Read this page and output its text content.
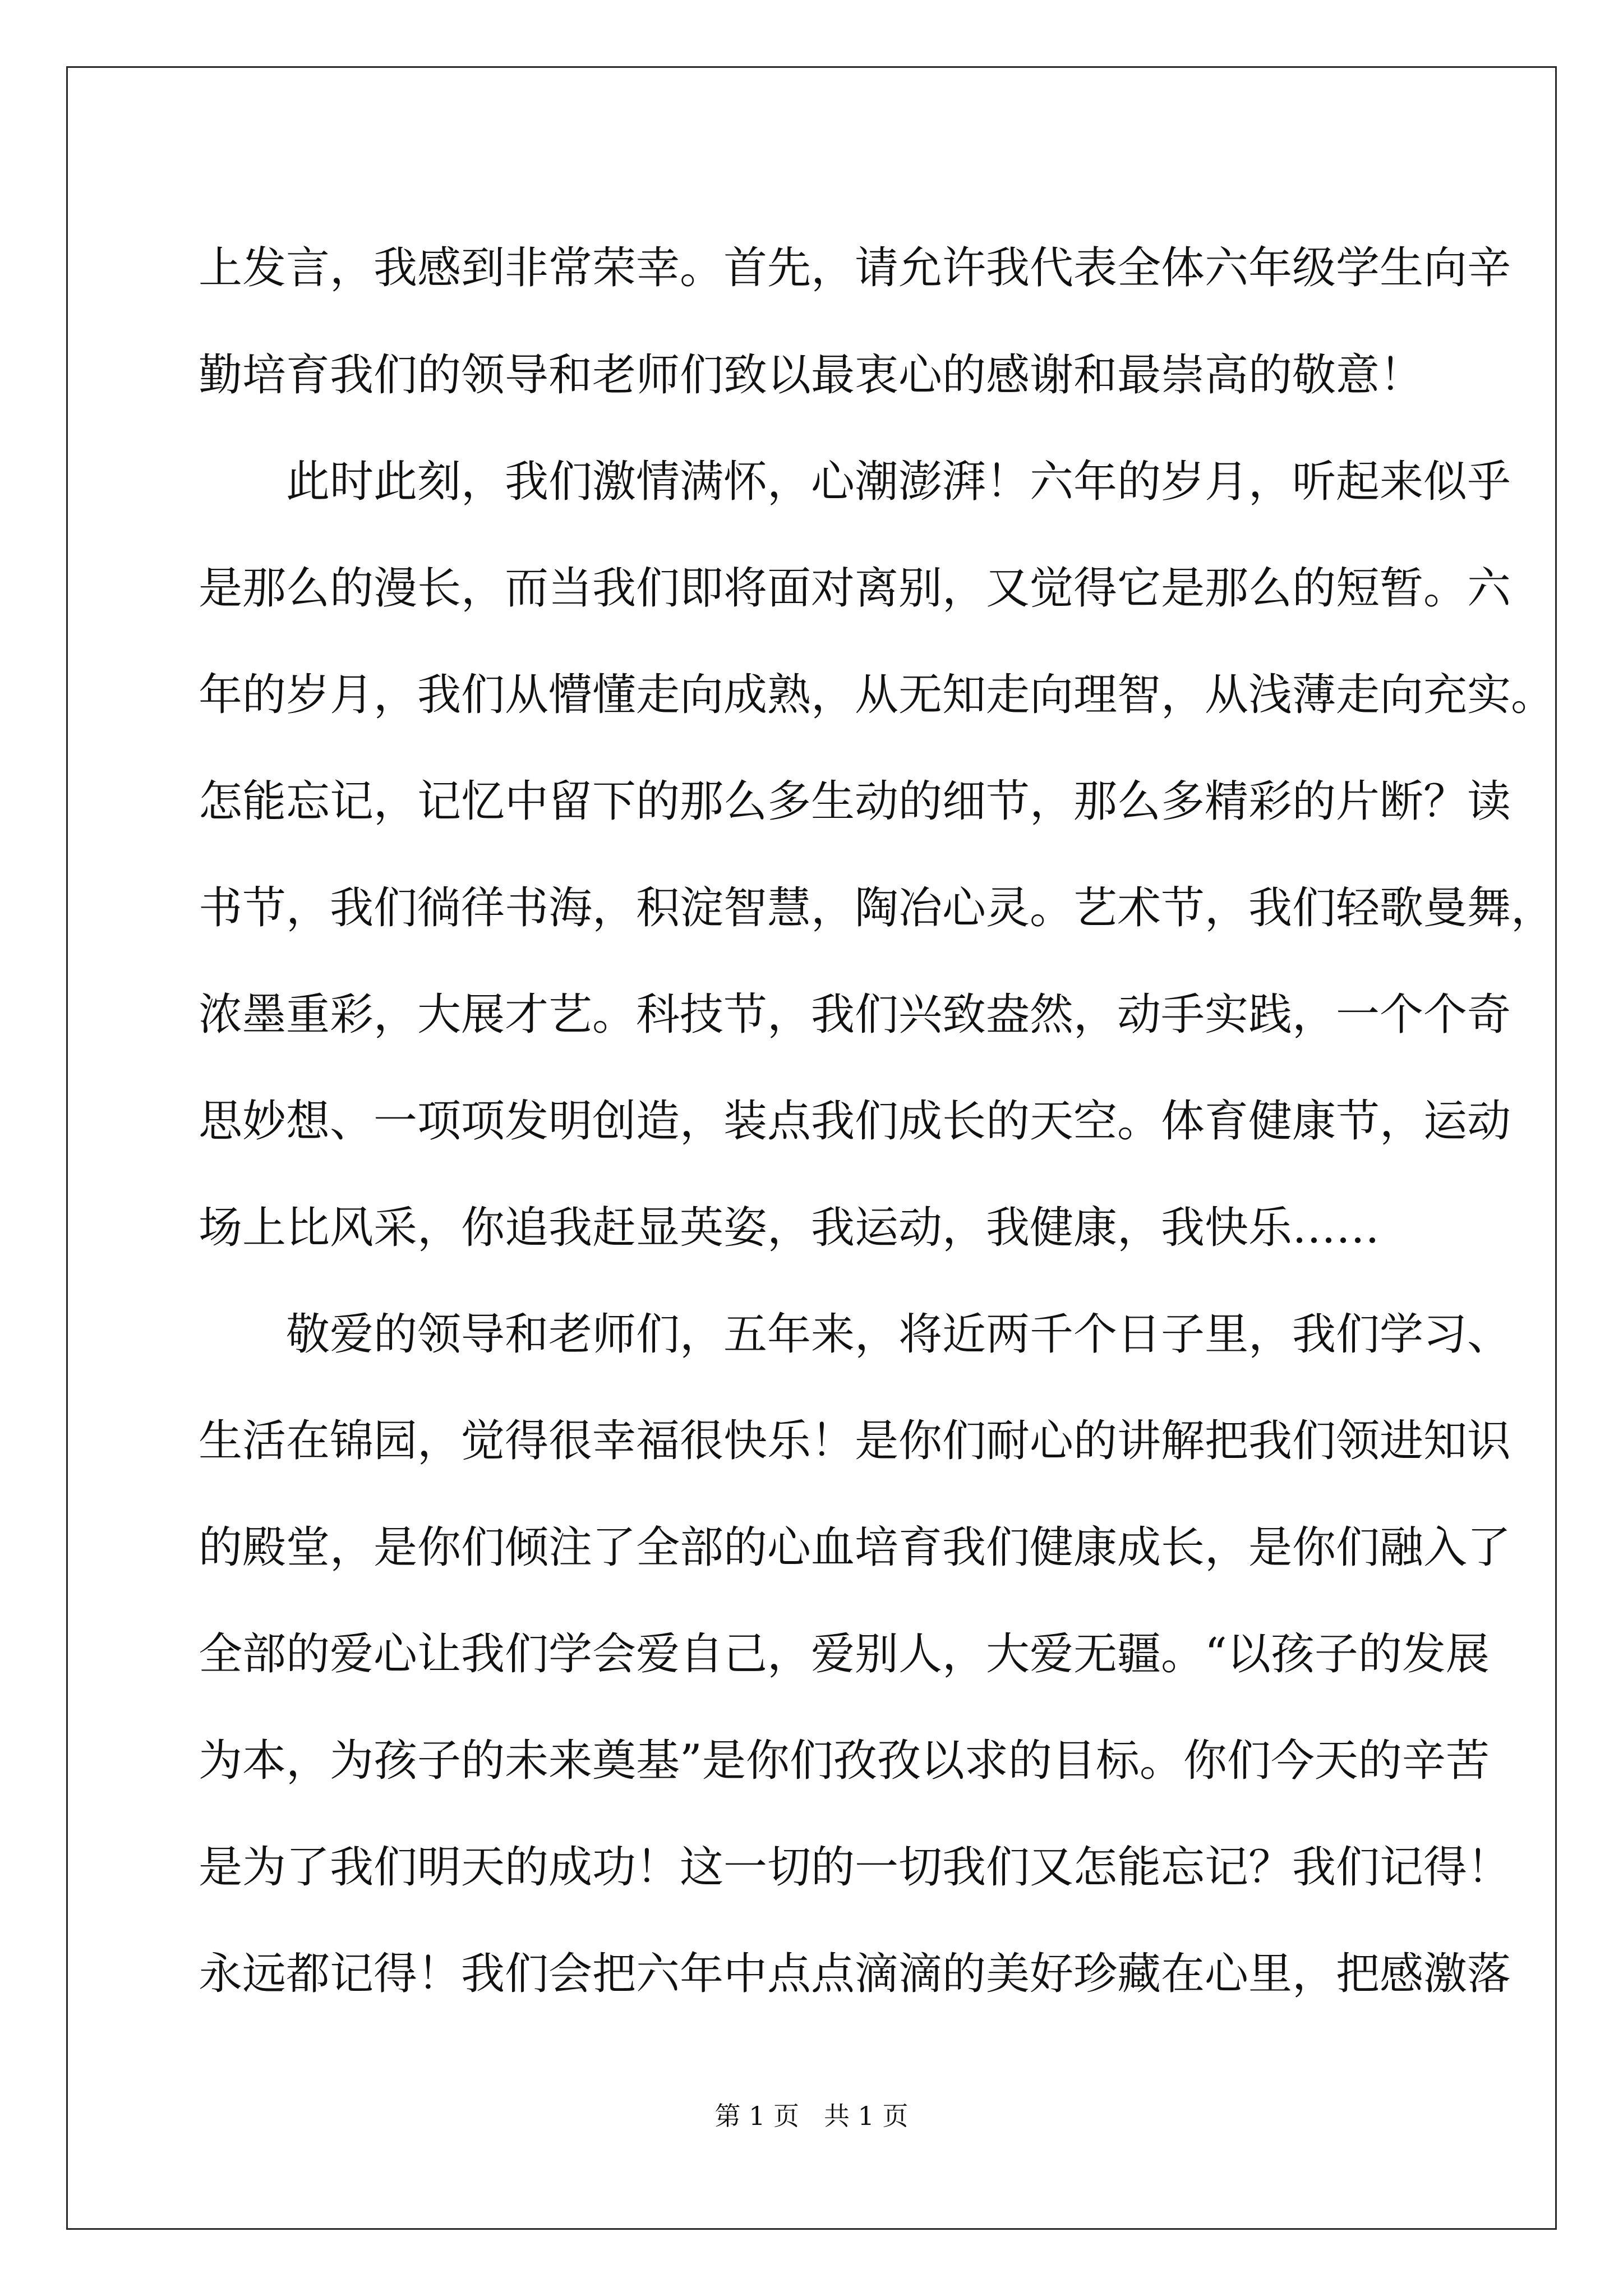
上发言，我感到非常荣幸。首先，请允许我代表全体六年级学生向辛
勤培育我们的领导和老师们致以最衷心的感谢和最崇高的敬意！
此时此刻，我们激情满怀，心潮澎湃！六年的岁月，听起来似乎
是那么的漫长，而当我们即将面对离别，又觉得它是那么的短暂。六
年的岁月，我们从懵懂走向成熟，从无知走向理智，从浅薄走向充实。
怎能忘记，记忆中留下的那么多生动的细节，那么多精彩的片断？读
书节，我们徜徉书海，积淀智慧，陶冶心灵。艺术节，我们轻歌曼舞，
浓墨重彩，大展才艺。科技节，我们兴致盎然，动手实践，一个个奇
思妙想、一项项发明创造，装点我们成长的天空。体育健康节，运动
场上比风采，你追我赶显英姿，我运动，我健康，我快乐……
敬爱的领导和老师们，五年来，将近两千个日子里，我们学习、
生活在锦园，觉得很幸福很快乐！是你们耐心的讲解把我们领进知识
的殿堂，是你们倾注了全部的心血培育我们健康成长，是你们融入了
全部的爱心让我们学会爱自己，爱别人，大爱无疆。“以孩子的发展
为本，为孩子的未来奠基”是你们孜孜以求的目标。你们今天的辛苦
是为了我们明天的成功！这一切的一切我们又怎能忘记？我们记得！
永远都记得！我们会把六年中点点滴滴的美好珍藏在心里，把感激落
第 1 页 共 1 页
